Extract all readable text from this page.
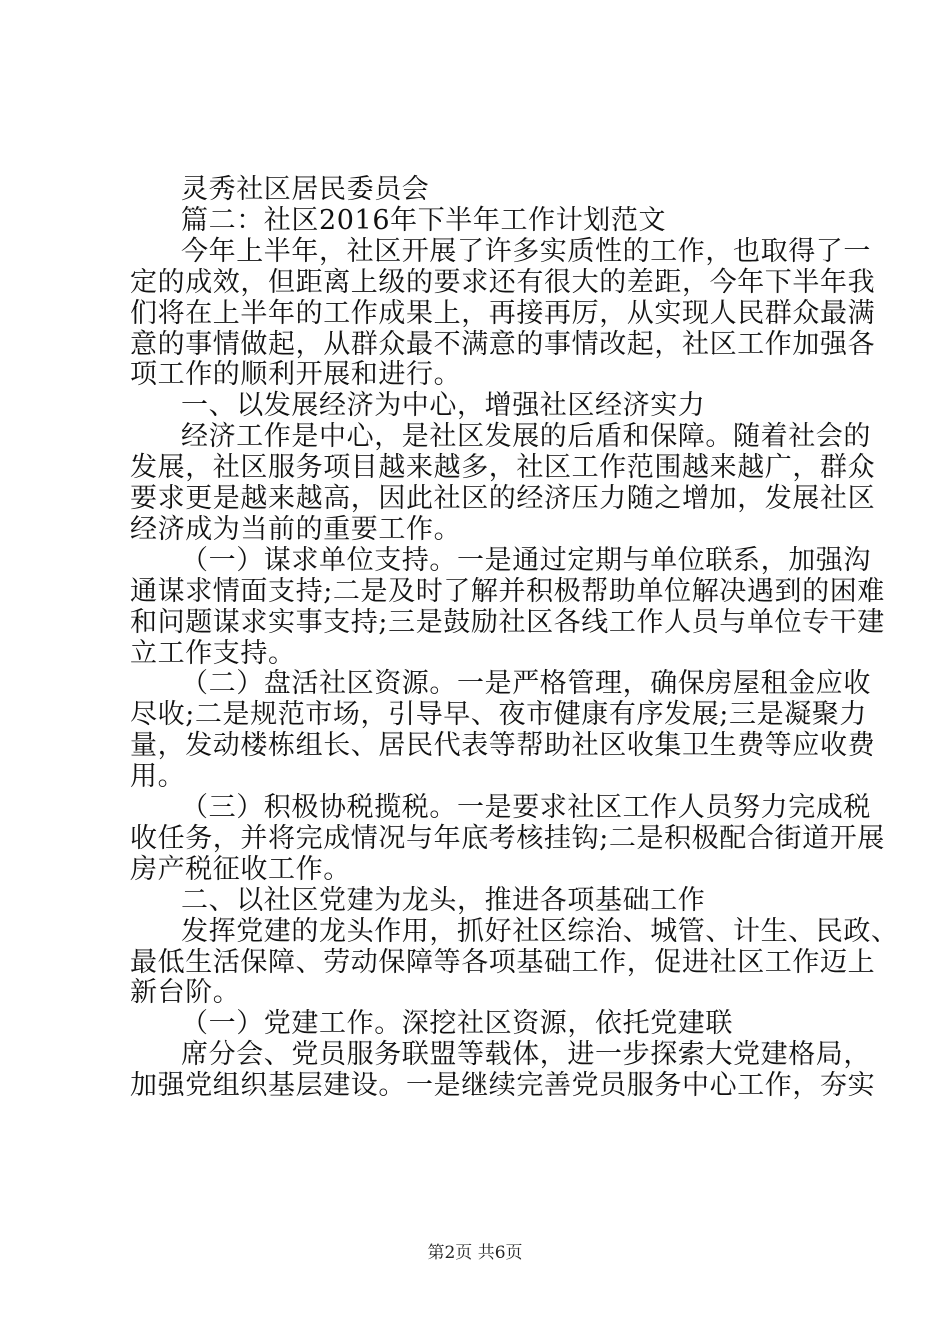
灵秀社区居民委员会
篇二：社区2016年下半年工作计划范文
今年上半年，社区开展了许多实质性的工作，也取得了一
定的成效，但距离上级的要求还有很大的差距，今年下半年我
们将在上半年的工作成果上，再接再厉，从实现人民群众最满
意的事情做起，从群众最不满意的事情改起，社区工作加强各
项工作的顺利开展和进行。
一、以发展经济为中心，增强社区经济实力
经济工作是中心，是社区发展的后盾和保障。随着社会的
发展，社区服务项目越来越多，社区工作范围越来越广，群众
要求更是越来越高，因此社区的经济压力随之增加，发展社区
经济成为当前的重要工作。
（一）谋求单位支持。一是通过定期与单位联系，加强沟
通谋求情面支持;二是及时了解并积极帮助单位解决遇到的困难
和问题谋求实事支持;三是鼓励社区各线工作人员与单位专干建
立工作支持。
（二）盘活社区资源。一是严格管理，确保房屋租金应收
尽收;二是规范市场，引导早、夜市健康有序发展;三是凝聚力
量，发动楼栋组长、居民代表等帮助社区收集卫生费等应收费
用。
（三）积极协税揽税。一是要求社区工作人员努力完成税
收任务，并将完成情况与年底考核挂钩;二是积极配合街道开展
房产税征收工作。
二、以社区党建为龙头，推进各项基础工作
发挥党建的龙头作用，抓好社区综治、城管、计生、民政、
最低生活保障、劳动保障等各项基础工作，促进社区工作迈上
新台阶。
（一）党建工作。深挖社区资源，依托党建联
席分会、党员服务联盟等载体，进一步探索大党建格局，
加强党组织基层建设。一是继续完善党员服务中心工作，夯实
第2页 共6页
